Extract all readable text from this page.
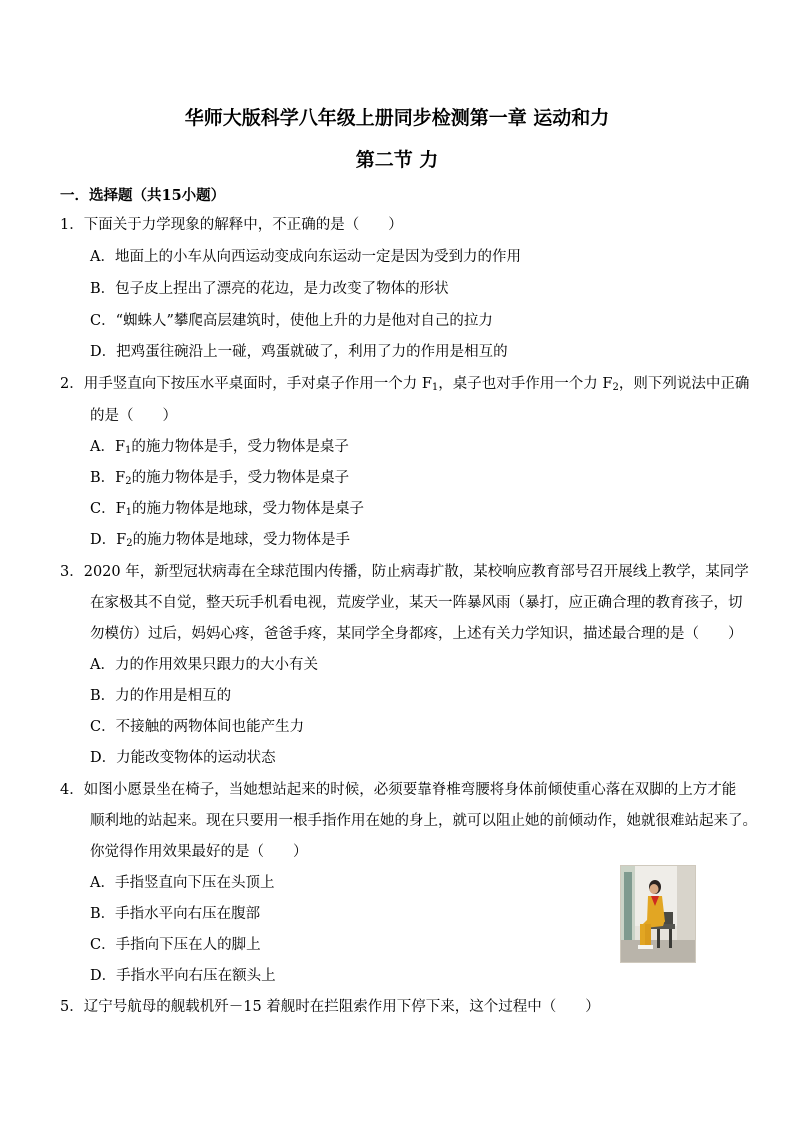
华师大版科学八年级上册同步检测第一章 运动和力
第二节 力
一．选择题（共15小题）
1．下面关于力学现象的解释中，不正确的是（　　）
A．地面上的小车从向西运动变成向东运动一定是因为受到力的作用
B．包子皮上捏出了漂亮的花边，是力改变了物体的形状
C．“蜘蛛人”攀爬高层建筑时，使他上升的力是他对自己的拉力
D．把鸡蛋往碗沿上一碰，鸡蛋就破了，利用了力的作用是相互的
2．用手竖直向下按压水平桌面时，手对桌子作用一个力 $F_1$，桌子也对手作用一个力 $F_2$，则下列说法中正确
的是（　　）
A．$F_1$的施力物体是手，受力物体是桌子
B．$F_2$的施力物体是手，受力物体是桌子
C．$F_1$的施力物体是地球，受力物体是桌子
D．$F_2$的施力物体是地球，受力物体是手
3．2020 年，新型冠状病毒在全球范围内传播，防止病毒扩散，某校响应教育部号召开展线上教学，某同学
在家极其不自觉，整天玩手机看电视，荒废学业，某天一阵暴风雨（暴打，应正确合理的教育孩子，切
勿模仿）过后，妈妈心疼，爸爸手疼，某同学全身都疼，上述有关力学知识，描述最合理的是（　　）
A．力的作用效果只跟力的大小有关
B．力的作用是相互的
C．不接触的两物体间也能产生力
D．力能改变物体的运动状态
4．如图小愿景坐在椅子，当她想站起来的时候，必须要靠脊椎弯腰将身体前倾使重心落在双脚的上方才能
顺利地的站起来。现在只要用一根手指作用在她的身上，就可以阻止她的前倾动作，她就很难站起来了。
你觉得作用效果最好的是（　　）
A．手指竖直向下压在头顶上
B．手指水平向右压在腹部
C．手指向下压在人的脚上
D．手指水平向右压在额头上
5．辽宁号航母的舰载机歼－15 着舰时在拦阻索作用下停下来，这个过程中（　　）
